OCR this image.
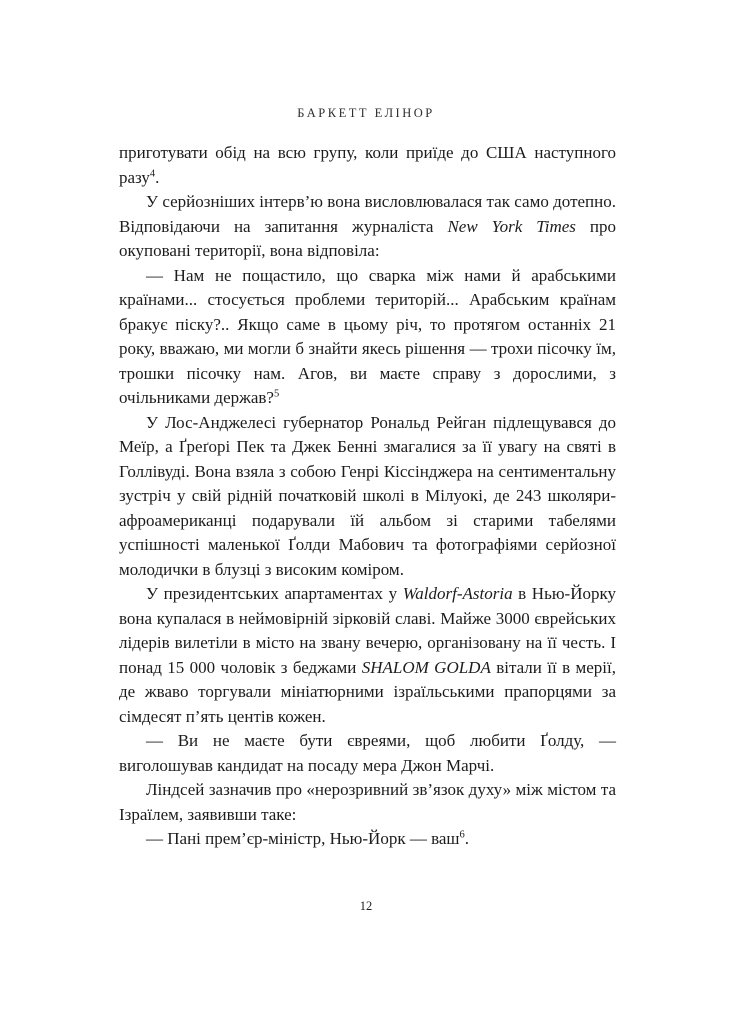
БАРКЕТТ ЕЛІНОР

приготувати обід на всю групу, коли приїде до США наступного разу$^4$.

У серйозніших інтерв’ю вона висловлювалася так само дотепно. Відповідаючи на запитання журналіста New York Times про окуповані території, вона відповіла:

— Нам не пощастило, що сварка між нами й арабськими країнами... стосується проблеми територій... Арабським країнам бракує піску?.. Якщо саме в цьому річ, то протягом останніх 21 року, вважаю, ми могли б знайти якесь рішення — трохи пісочку їм, трошки пісочку нам. Агов, ви маєте справу з дорослими, з очільниками держав?$^5$

У Лос-Анджелесі губернатор Рональд Рейган підлещувався до Меїр, а Ґреґорі Пек та Джек Бенні змагалися за її увагу на святі в Голлівуді. Вона взяла з собою Генрі Кіссінджера на сентиментальну зустріч у свій рідній початковій школі в Мілуокі, де 243 школяри-афроамериканці подарували їй альбом зі старими табелями успішності маленької Ґолди Мабович та фотографіями серйозної молодички в блузці з високим коміром.

У президентських апартаментах у Waldorf-Astoria в Нью-Йорку вона купалася в неймовірній зірковій славі. Майже 3000 єврейських лідерів вилетіли в місто на звану вечерю, організовану на її честь. І понад 15 000 чоловік з беджами SHALOM GOLDA вітали її в мерії, де жваво торгували мініатюрними ізраїльськими прапорцями за сімдесят п’ять центів кожен.

— Ви не маєте бути євреями, щоб любити Ґолду, — виголошував кандидат на посаду мера Джон Марчі.

Ліндсей зазначив про «нерозривний зв’язок духу» між містом та Ізраїлем, заявивши таке:

— Пані прем’єр-міністр, Нью-Йорк — ваш$^6$.

12
